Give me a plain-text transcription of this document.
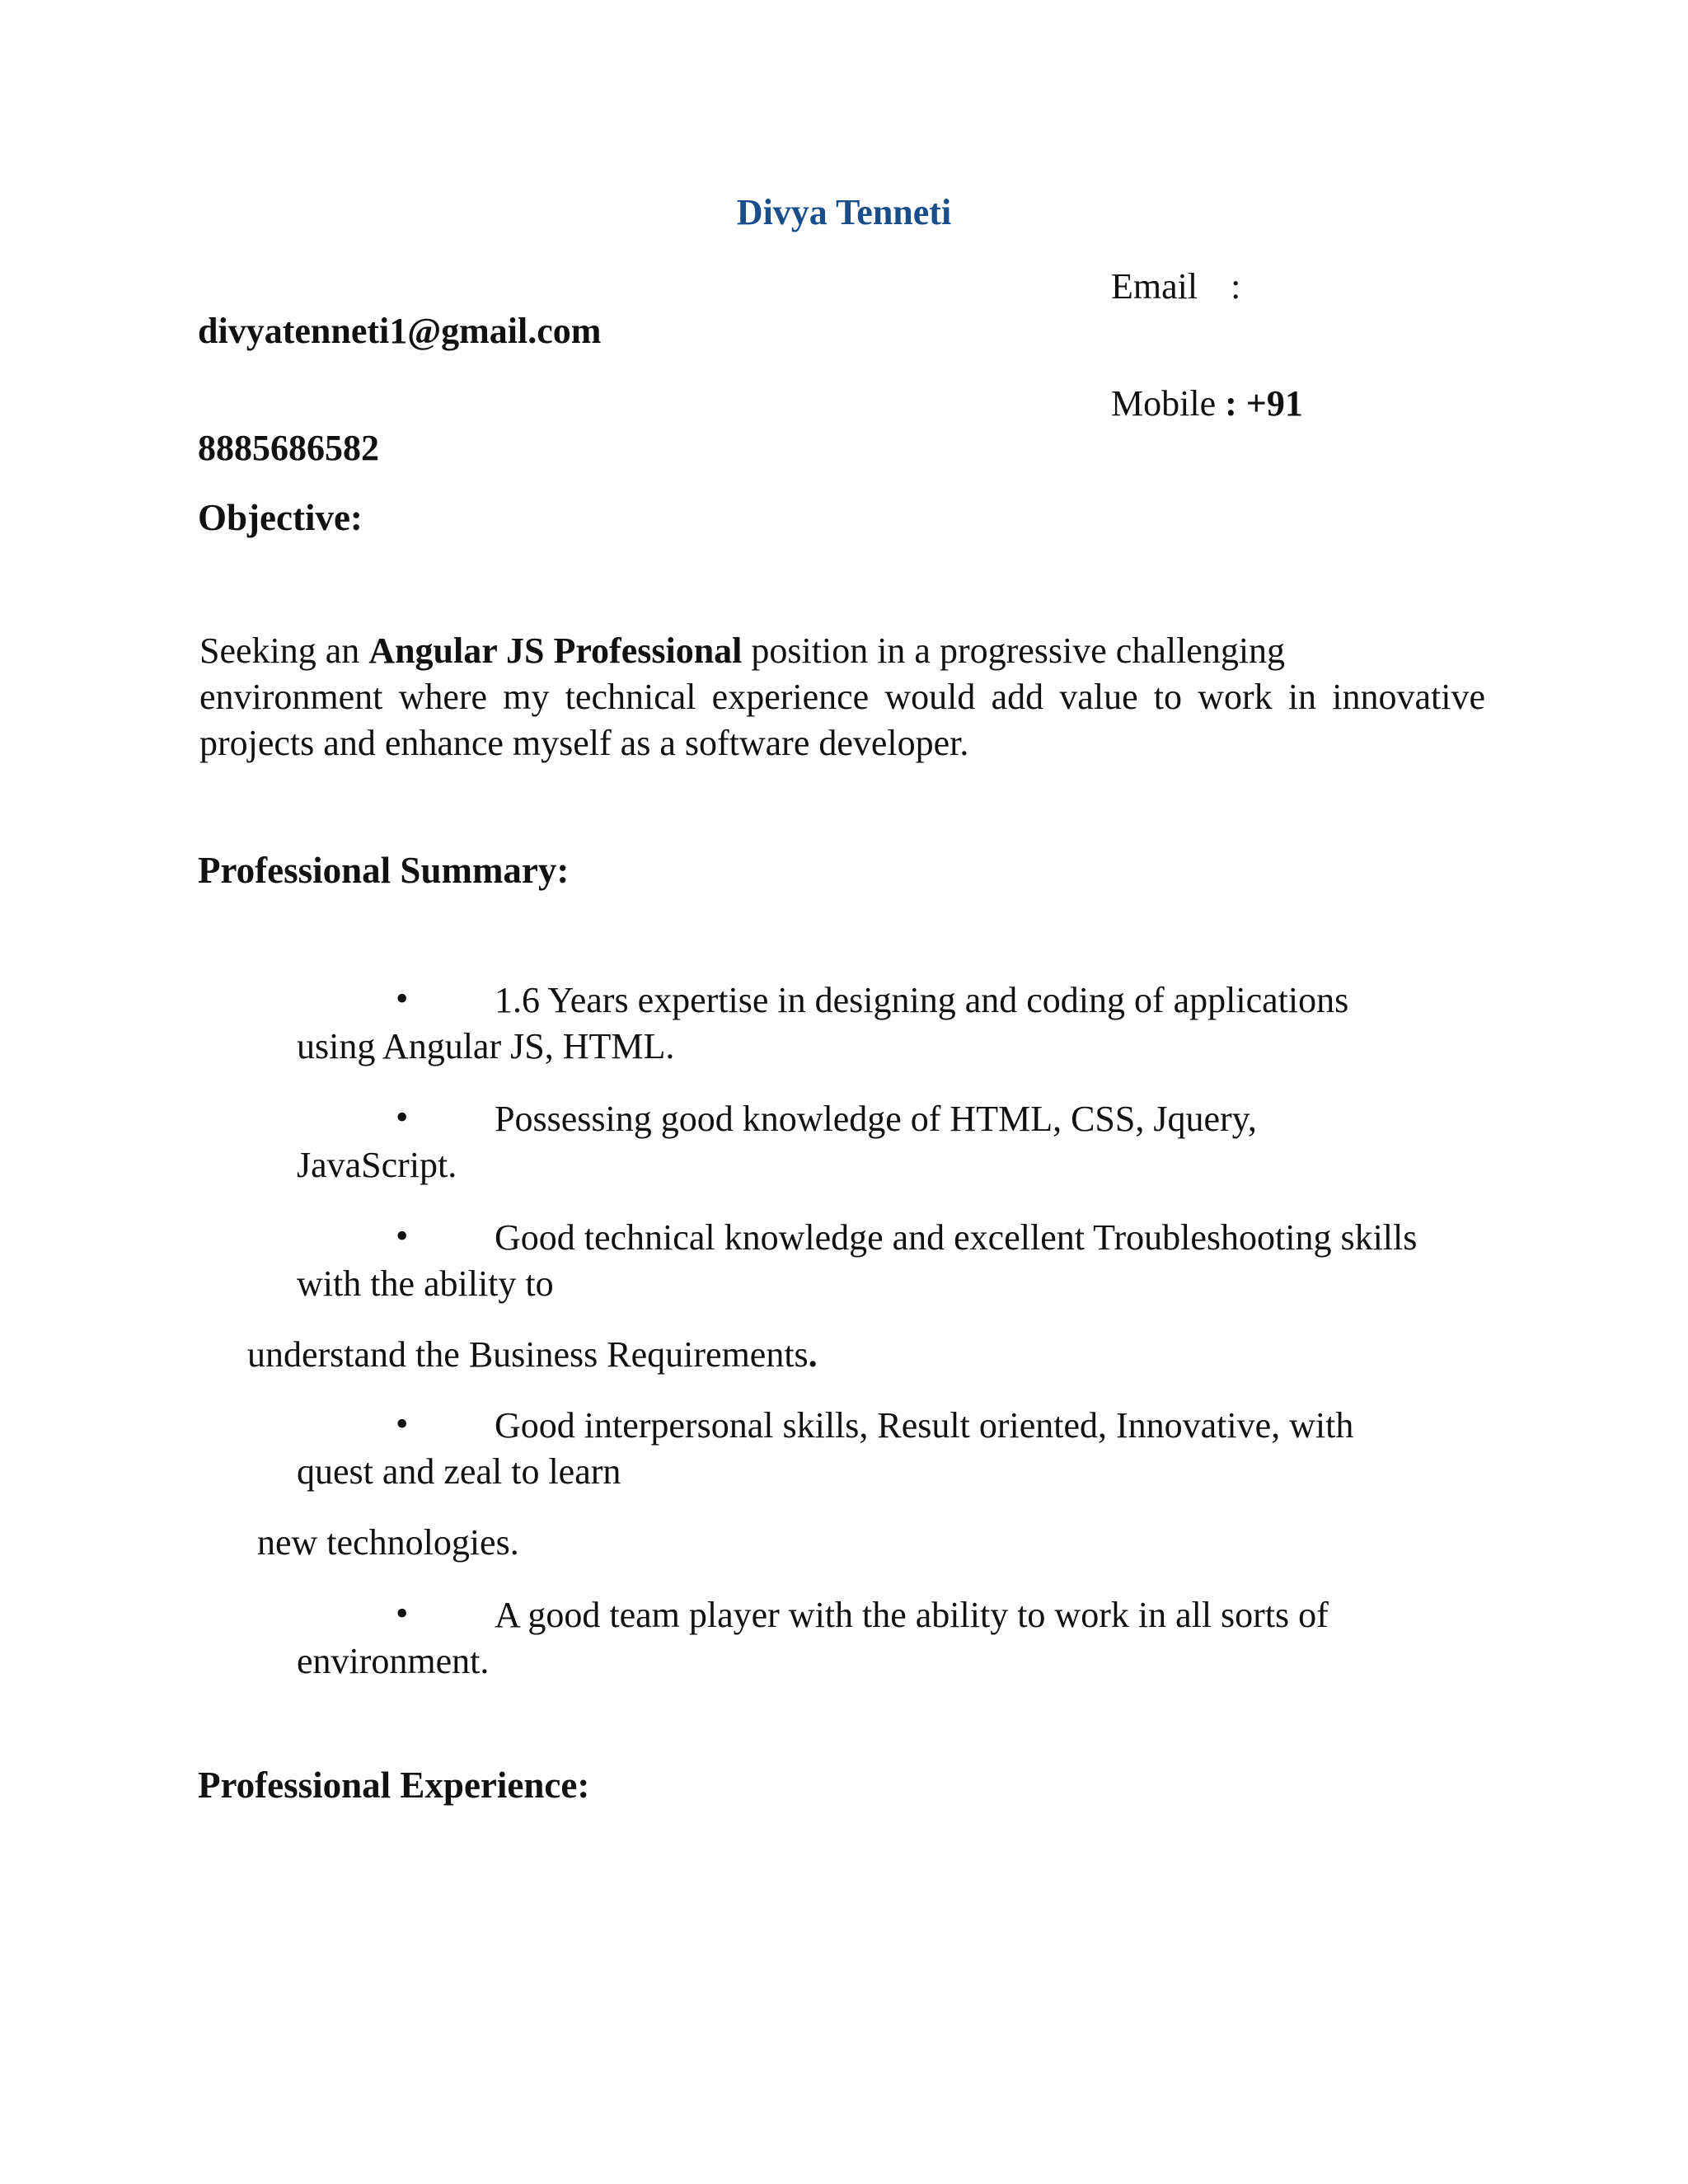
Divya Tenneti
Email :
divyatenneti1@gmail.com
Mobile : +91
8885686582
Objective:
Seeking an Angular JS Professional position in a progressive challenging
environment where my technical experience would add value to work in innovative
projects and enhance myself as a software developer.
Professional Summary:
• 1.6 Years expertise in designing and coding of applications
using Angular JS, HTML.
• Possessing good knowledge of HTML, CSS, Jquery,
JavaScript.
• Good technical knowledge and excellent Troubleshooting skills
with the ability to
understand the Business Requirements.
• Good interpersonal skills, Result oriented, Innovative, with
quest and zeal to learn
new technologies.
• A good team player with the ability to work in all sorts of
environment.
Professional Experience:
